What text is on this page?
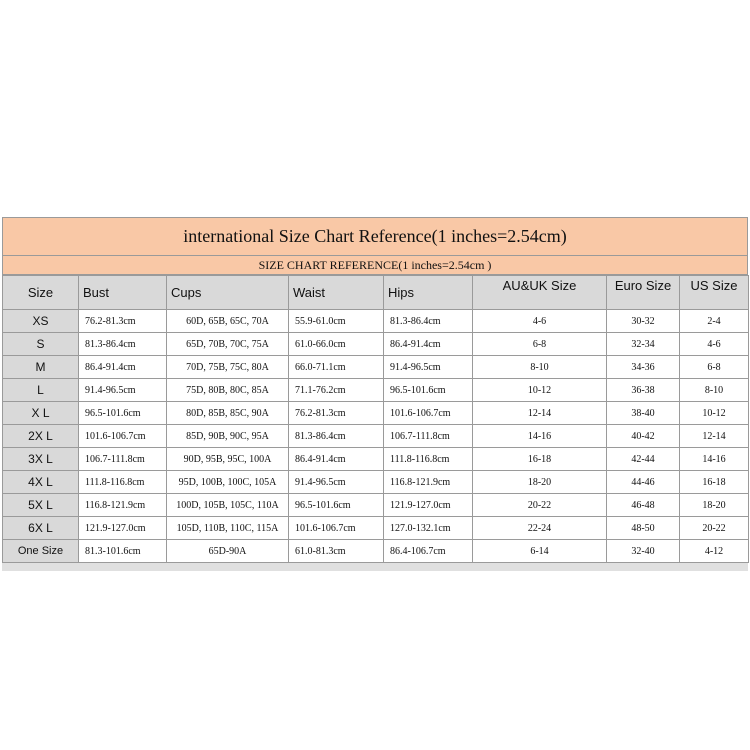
international Size Chart Reference(1 inches=2.54cm)
SIZE CHART REFERENCE(1 inches=2.54cm )
Size	Bust	Cups	Waist	Hips	AU&UK Size	Euro Size	US Size
XS	76.2-81.3cm	60D, 65B, 65C, 70A	55.9-61.0cm	81.3-86.4cm	4-6	30-32	2-4
S	81.3-86.4cm	65D, 70B, 70C, 75A	61.0-66.0cm	86.4-91.4cm	6-8	32-34	4-6
M	86.4-91.4cm	70D, 75B, 75C, 80A	66.0-71.1cm	91.4-96.5cm	8-10	34-36	6-8
L	91.4-96.5cm	75D, 80B, 80C, 85A	71.1-76.2cm	96.5-101.6cm	10-12	36-38	8-10
X L	96.5-101.6cm	80D, 85B, 85C, 90A	76.2-81.3cm	101.6-106.7cm	12-14	38-40	10-12
2X L	101.6-106.7cm	85D, 90B, 90C, 95A	81.3-86.4cm	106.7-111.8cm	14-16	40-42	12-14
3X L	106.7-111.8cm	90D, 95B, 95C, 100A	86.4-91.4cm	111.8-116.8cm	16-18	42-44	14-16
4X L	111.8-116.8cm	95D, 100B, 100C, 105A	91.4-96.5cm	116.8-121.9cm	18-20	44-46	16-18
5X L	116.8-121.9cm	100D, 105B, 105C, 110A	96.5-101.6cm	121.9-127.0cm	20-22	46-48	18-20
6X L	121.9-127.0cm	105D, 110B, 110C, 115A	101.6-106.7cm	127.0-132.1cm	22-24	48-50	20-22
One Size	81.3-101.6cm	65D-90A	61.0-81.3cm	86.4-106.7cm	6-14	32-40	4-12
